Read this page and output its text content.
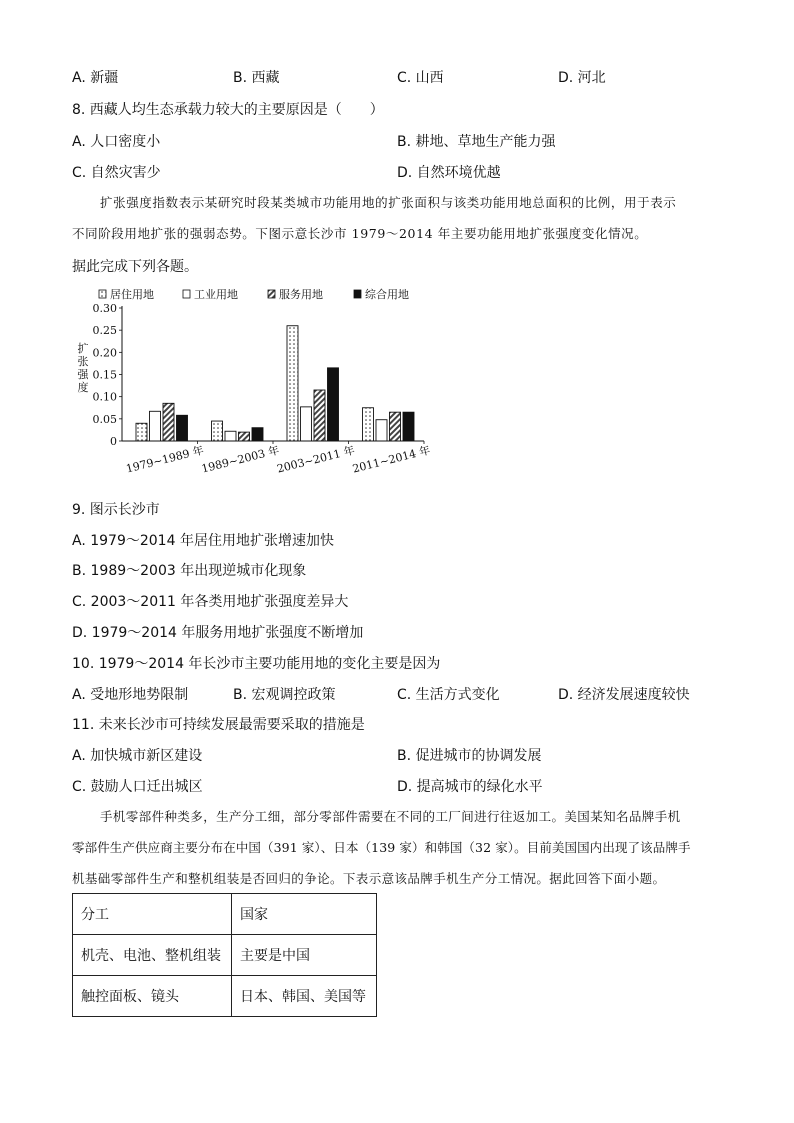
A. 新疆	B. 西藏	C. 山西	D. 河北
8. 西藏人均生态承载力较大的主要原因是（　　）
A. 人口密度小	B. 耕地、草地生产能力强
C. 自然灾害少	D. 自然环境优越
扩张强度指数表示某研究时段某类城市功能用地的扩张面积与该类功能用地总面积的比例，用于表示
不同阶段用地扩张的强弱态势。下图示意长沙市 1979～2014 年主要功能用地扩张强度变化情况。
据此完成下列各题。
居住用地	工业用地	服务用地	综合用地
0
0.05
0.10
0.15
0.20
0.25
0.30
扩
张
强
度
1979~1989 年
1989~2003 年
2003~2011 年
2011~2014 年
9. 图示长沙市
A. 1979～2014 年居住用地扩张增速加快
B. 1989～2003 年出现逆城市化现象
C. 2003～2011 年各类用地扩张强度差异大
D. 1979～2014 年服务用地扩张强度不断增加
10. 1979～2014 年长沙市主要功能用地的变化主要是因为
A. 受地形地势限制	B. 宏观调控政策	C. 生活方式变化	D. 经济发展速度较快
11. 未来长沙市可持续发展最需要采取的措施是
A. 加快城市新区建设	B. 促进城市的协调发展
C. 鼓励人口迁出城区	D. 提高城市的绿化水平
手机零部件种类多，生产分工细，部分零部件需要在不同的工厂间进行往返加工。美国某知名品牌手机
零部件生产供应商主要分布在中国（391 家）、日本（139 家）和韩国（32 家）。目前美国国内出现了该品牌手
机基础零部件生产和整机组装是否回归的争论。下表示意该品牌手机生产分工情况。据此回答下面小题。
分工	国家
机壳、电池、整机组装	主要是中国
触控面板、镜头	日本、韩国、美国等
